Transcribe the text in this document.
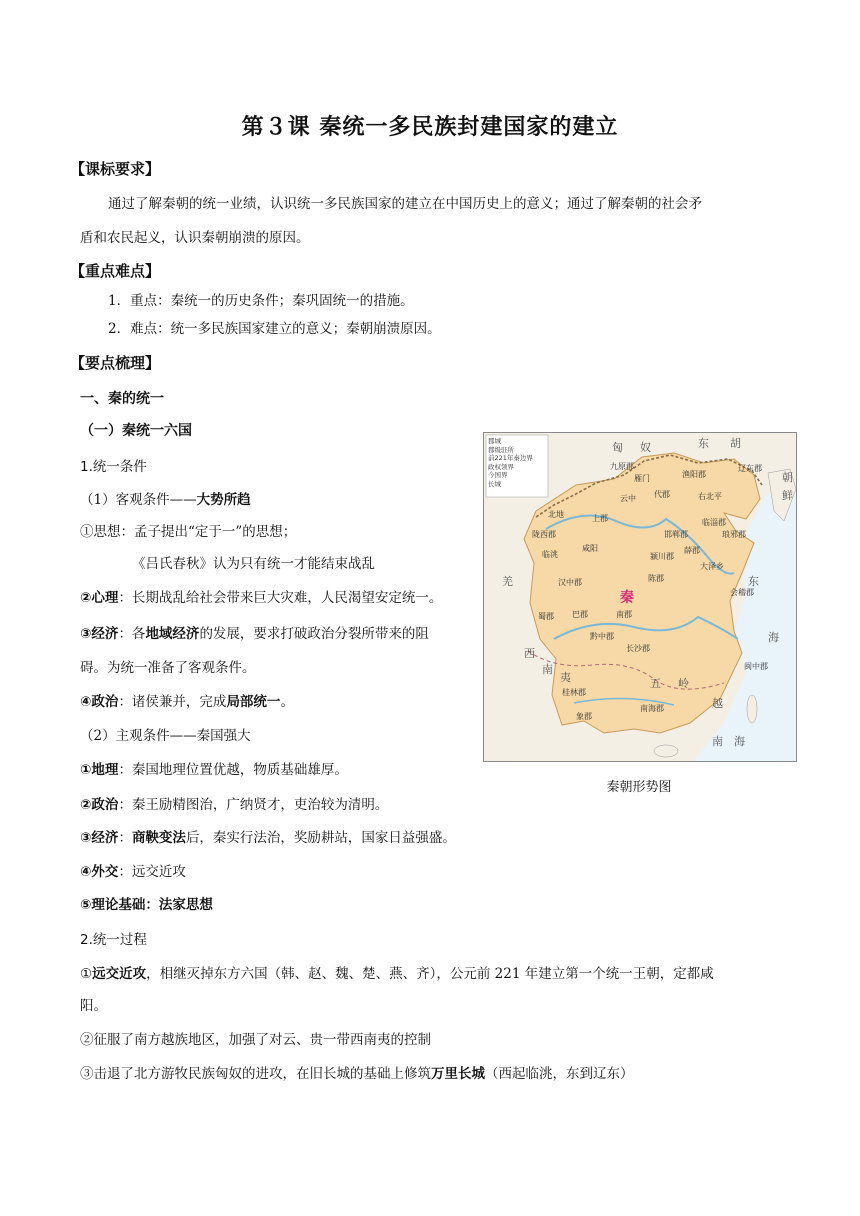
第３课 秦统一多民族封建国家的建立
【课标要求】
通过了解秦朝的统一业绩，认识统一多民族国家的建立在中国历史上的意义；通过了解秦朝的社会矛
盾和农民起义，认识秦朝崩溃的原因。
【重点难点】
1．重点：秦统一的历史条件；秦巩固统一的措施。
2．难点：统一多民族国家建立的意义；秦朝崩溃原因。
【要点梳理】
一、秦的统一
（一）秦统一六国
1.统一条件
（1）客观条件——大势所趋
①思想：孟子提出“定于一”的思想；
《吕氏春秋》认为只有统一才能结束战乱
②心理：长期战乱给社会带来巨大灾难，人民渴望安定统一。
③经济：各地域经济的发展，要求打破政治分裂所带来的阻
碍。为统一准备了客观条件。
④政治：诸侯兼并，完成局部统一。
（2）主观条件——秦国强大
①地理：秦国地理位置优越，物质基础雄厚。
②政治：秦王励精图治，广纳贤才，吏治较为清明。
③经济：商鞅变法后，秦实行法治，奖励耕站，国家日益强盛。
④外交：远交近攻
⑤理论基础：法家思想
2.统一过程
①远交近攻，相继灭掉东方六国（韩、赵、魏、楚、燕、齐），公元前 221 年建立第一个统一王朝，定都咸
阳。
②征服了南方越族地区，加强了对云、贵一带西南夷的控制
③击退了北方游牧民族匈奴的进攻，在旧长城的基础上修筑万里长城（西起临洮，东到辽东）
郡城
郡级驻所
前221年秦边界
政权领界
今国界
长城
匈 奴	东 胡
朝
鲜
羌
西
南
夷	五 岭
越
东
海
南 海
秦
九原郡
渔阳郡
辽东郡
代郡	右北平
临淄郡
琅邪郡
陇西郡
咸阳
邯郸郡
临洮
巴郡
蜀郡
汉中郡
颍川郡
陈郡
大泽乡
会稽郡
长沙郡
黔中郡
闽中郡
桂林郡
南海郡
象郡
云中
雁门
北地	上郡
南郡
薛郡
秦朝形势图
